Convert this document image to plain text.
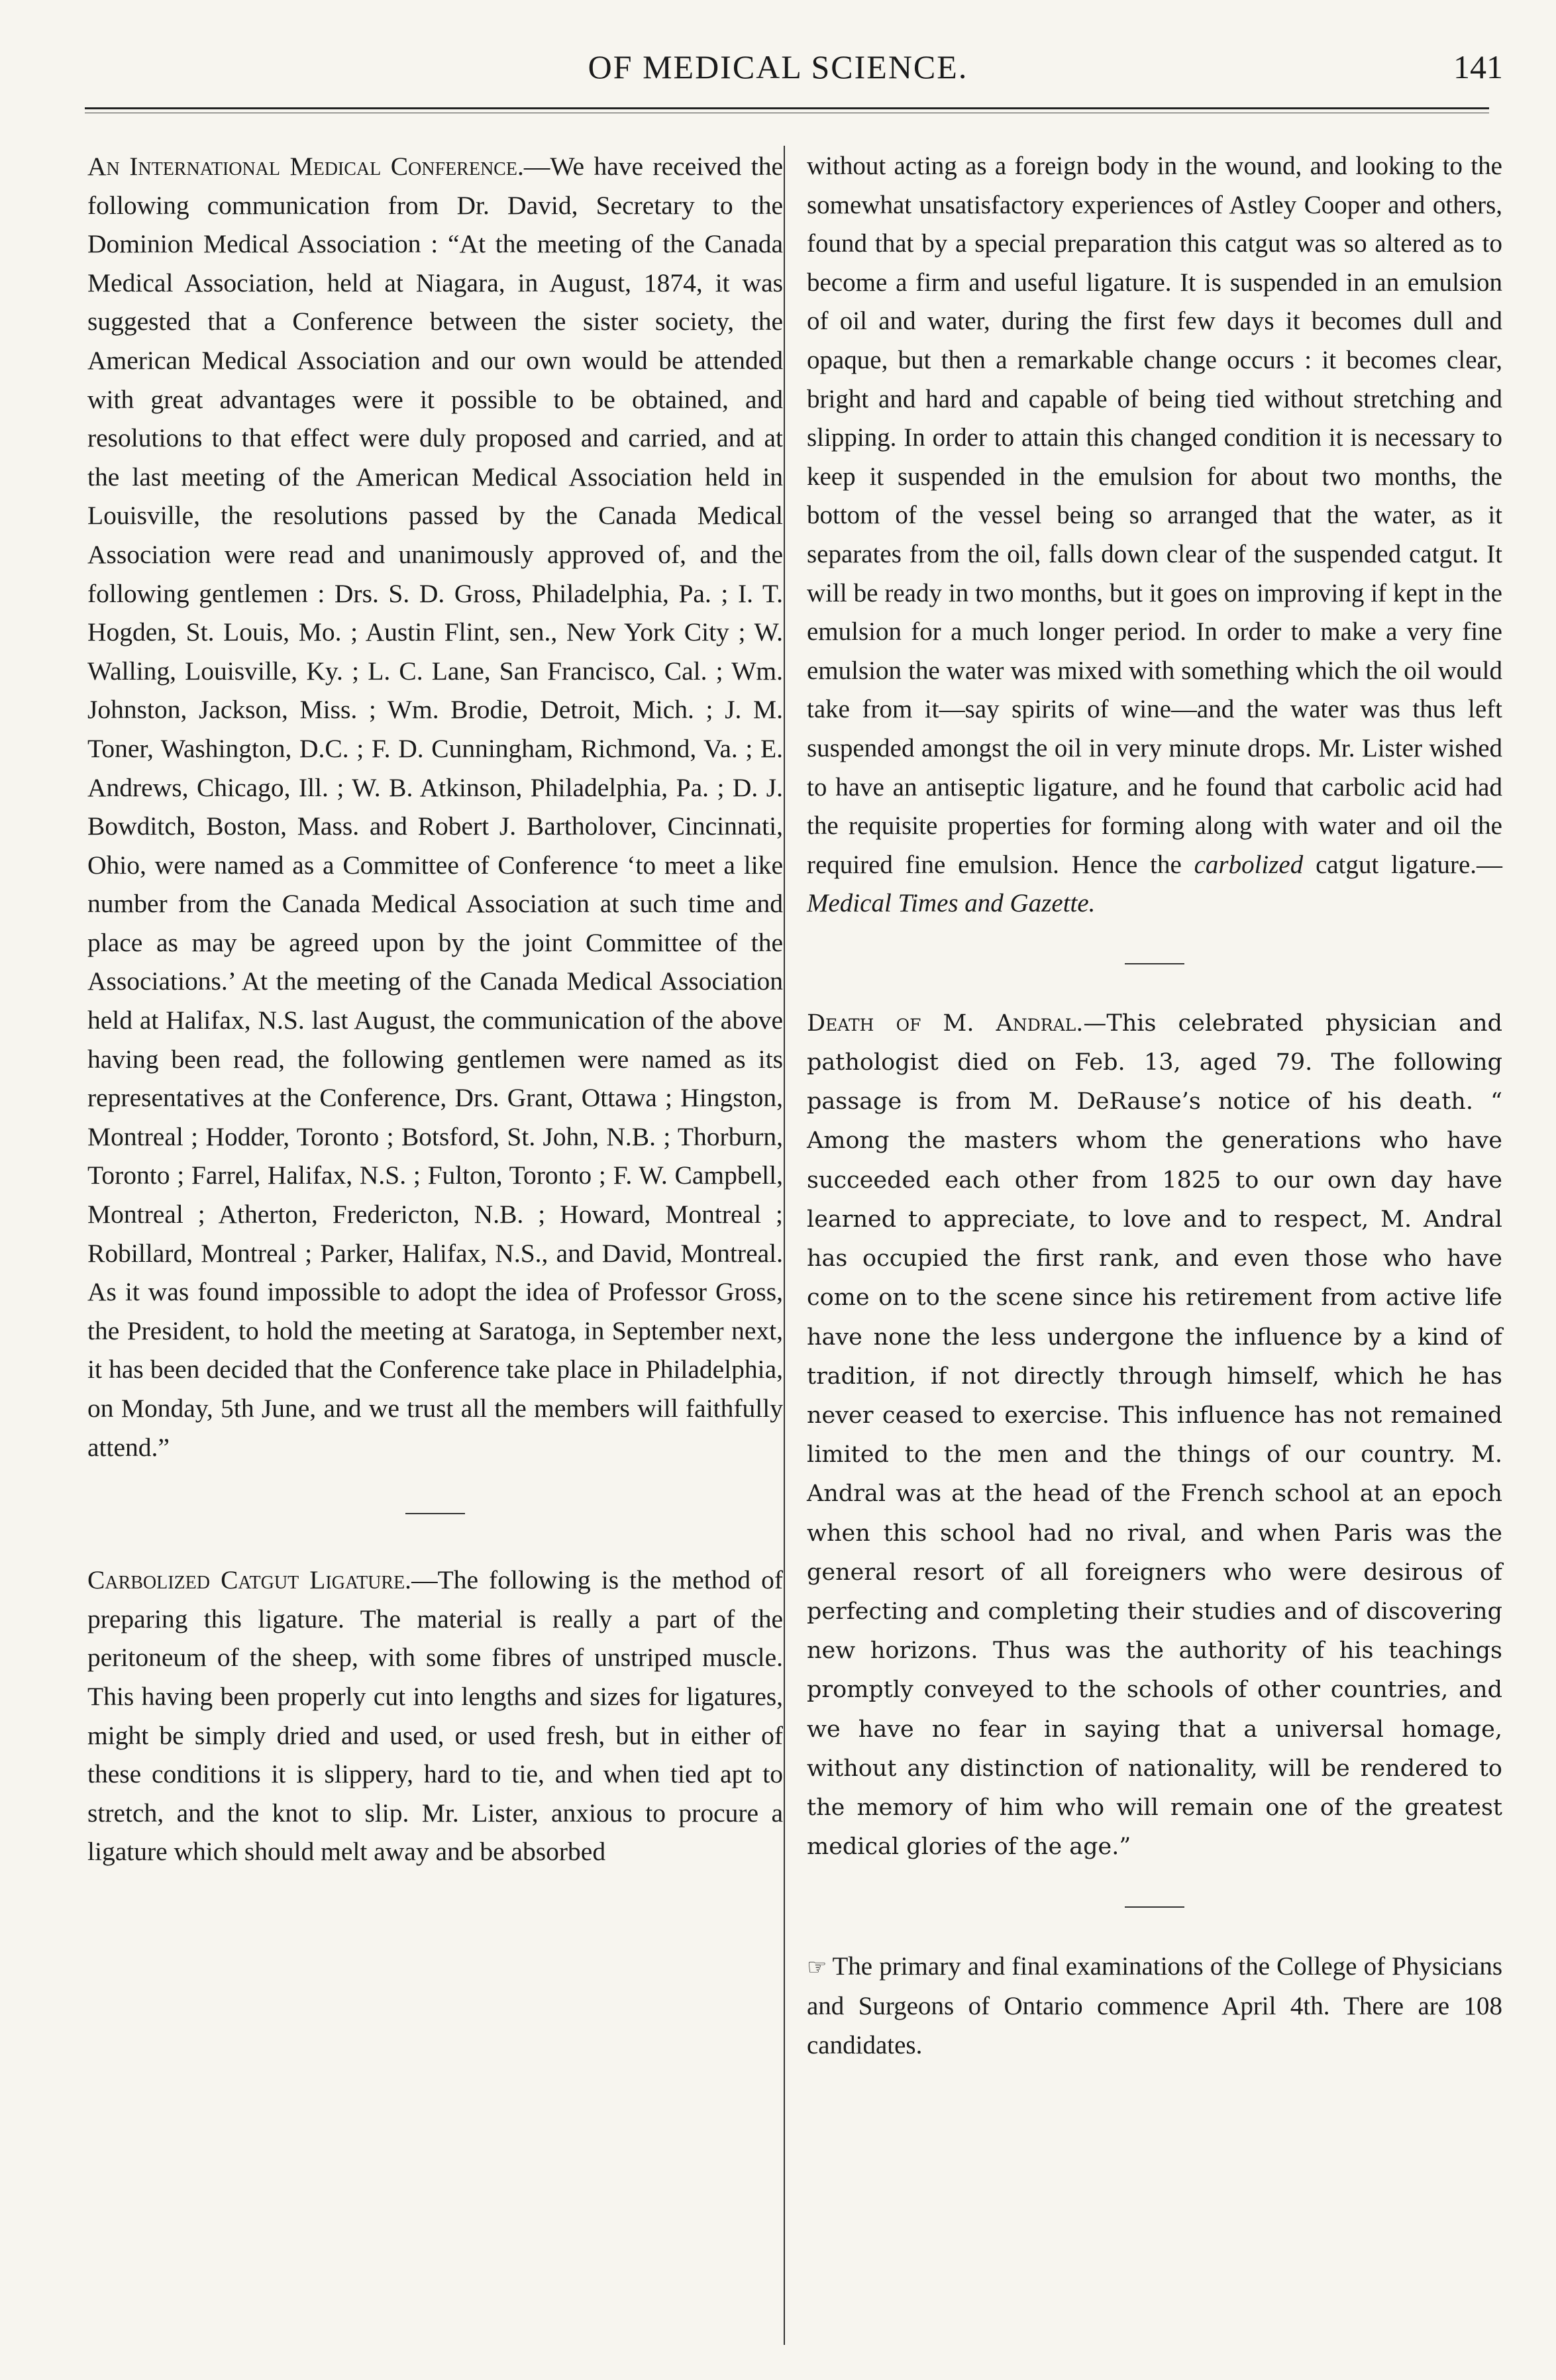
OF MEDICAL SCIENCE.	141

An International Medical Conference.—We have received the following communication from Dr. David, Secretary to the Dominion Medical Association : “At the meeting of the Canada Medical Association, held at Niagara, in August, 1874, it was suggested that a Conference between the sister society, the American Medical Association and our own would be attended with great advantages were it possible to be obtained, and resolutions to that effect were duly proposed and carried, and at the last meeting of the American Medical Association held in Louisville, the resolutions passed by the Canada Medical Association were read and unanimously approved of, and the following gentlemen : Drs. S. D. Gross, Philadelphia, Pa. ; I. T. Hogden, St. Louis, Mo. ; Austin Flint, sen., New York City ; W. Walling, Louisville, Ky. ; L. C. Lane, San Francisco, Cal. ; Wm. Johnston, Jackson, Miss. ; Wm. Brodie, Detroit, Mich. ; J. M. Toner, Washington, D.C. ; F. D. Cunningham, Richmond, Va. ; E. Andrews, Chicago, Ill. ; W. B. Atkinson, Philadelphia, Pa. ; D. J. Bowditch, Boston, Mass. and Robert J. Bartholover, Cincinnati, Ohio, were named as a Committee of Conference ‘to meet a like number from the Canada Medical Association at such time and place as may be agreed upon by the joint Committee of the Associations.’ At the meeting of the Canada Medical Association held at Halifax, N.S. last August, the communication of the above having been read, the following gentlemen were named as its representatives at the Conference, Drs. Grant, Ottawa ; Hingston, Montreal ; Hodder, Toronto ; Botsford, St. John, N.B. ; Thorburn, Toronto ; Farrel, Halifax, N.S. ; Fulton, Toronto ; F. W. Campbell, Montreal ; Atherton, Fredericton, N.B. ; Howard, Montreal ; Robillard, Montreal ; Parker, Halifax, N.S., and David, Montreal. As it was found impossible to adopt the idea of Professor Gross, the President, to hold the meeting at Saratoga, in September next, it has been decided that the Conference take place in Philadelphia, on Monday, 5th June, and we trust all the members will faithfully attend.”

Carbolized Catgut Ligature.—The following is the method of preparing this ligature. The material is really a part of the peritoneum of the sheep, with some fibres of unstriped muscle. This having been properly cut into lengths and sizes for ligatures, might be simply dried and used, or used fresh, but in either of these conditions it is slippery, hard to tie, and when tied apt to stretch, and the knot to slip. Mr. Lister, anxious to procure a ligature which should melt away and be absorbed

without acting as a foreign body in the wound, and looking to the somewhat unsatisfactory experiences of Astley Cooper and others, found that by a special preparation this catgut was so altered as to become a firm and useful ligature. It is suspended in an emulsion of oil and water, during the first few days it becomes dull and opaque, but then a remarkable change occurs : it becomes clear, bright and hard and capable of being tied without stretching and slipping. In order to attain this changed condition it is necessary to keep it suspended in the emulsion for about two months, the bottom of the vessel being so arranged that the water, as it separates from the oil, falls down clear of the suspended catgut. It will be ready in two months, but it goes on improving if kept in the emulsion for a much longer period. In order to make a very fine emulsion the water was mixed with something which the oil would take from it—say spirits of wine—and the water was thus left suspended amongst the oil in very minute drops. Mr. Lister wished to have an antiseptic ligature, and he found that carbolic acid had the requisite properties for forming along with water and oil the required fine emulsion. Hence the carbolized catgut ligature.—Medical Times and Gazette.

Death of M. Andral.—This celebrated physician and pathologist died on Feb. 13, aged 79. The following passage is from M. DeRause’s notice of his death. “ Among the masters whom the generations who have succeeded each other from 1825 to our own day have learned to appreciate, to love and to respect, M. Andral has occupied the first rank, and even those who have come on to the scene since his retirement from active life have none the less undergone the influence by a kind of tradition, if not directly through himself, which he has never ceased to exercise. This influence has not remained limited to the men and the things of our country. M. Andral was at the head of the French school at an epoch when this school had no rival, and when Paris was the general resort of all foreigners who were desirous of perfecting and completing their studies and of discovering new horizons. Thus was the authority of his teachings promptly conveyed to the schools of other countries, and we have no fear in saying that a universal homage, without any distinction of nationality, will be rendered to the memory of him who will remain one of the greatest medical glories of the age.”

☞ The primary and final examinations of the College of Physicians and Surgeons of Ontario commence April 4th. There are 108 candidates.
